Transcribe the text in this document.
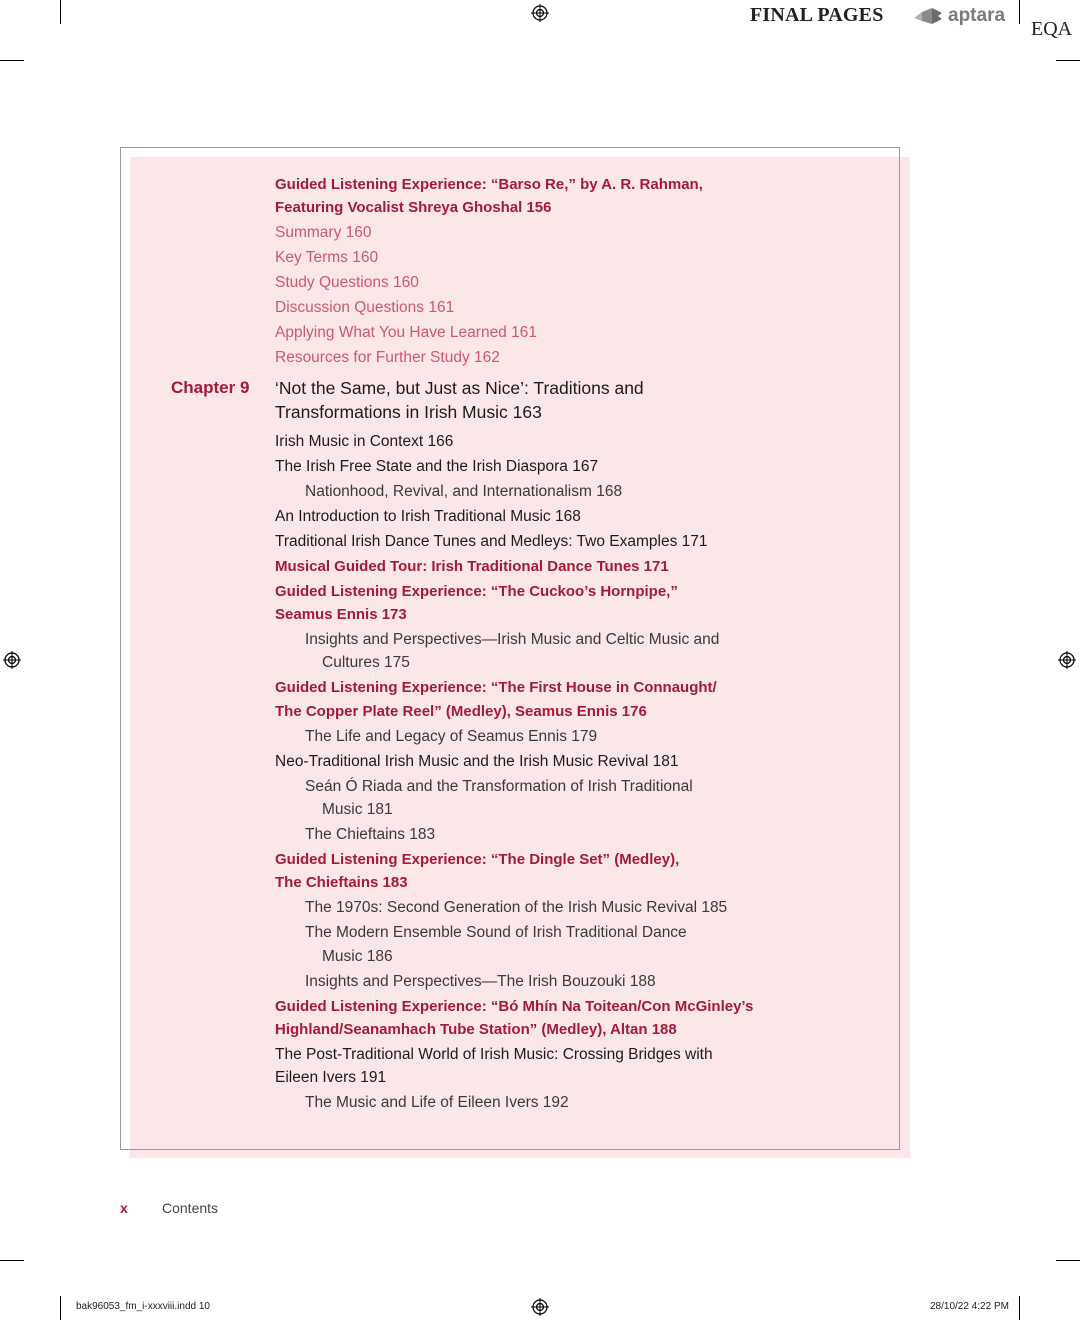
FINAL PAGES	aptara
EQA
Guided Listening Experience: “Barso Re,” by A. R. Rahman,
Featuring Vocalist Shreya Ghoshal 156
Summary 160
Key Terms 160
Study Questions 160
Discussion Questions 161
Applying What You Have Learned 161
Resources for Further Study 162
Chapter 9 ‘Not the Same, but Just as Nice’: Traditions and
Transformations in Irish Music 163
Irish Music in Context 166
The Irish Free State and the Irish Diaspora 167
Nationhood, Revival, and Internationalism 168
An Introduction to Irish Traditional Music 168
Traditional Irish Dance Tunes and Medleys: Two Examples 171
Musical Guided Tour: Irish Traditional Dance Tunes 171
Guided Listening Experience: “The Cuckoo’s Hornpipe,”
Seamus Ennis 173
Insights and Perspectives—Irish Music and Celtic Music and
Cultures 175
Guided Listening Experience: “The First House in Connaught/
The Copper Plate Reel” (Medley), Seamus Ennis 176
The Life and Legacy of Seamus Ennis 179
Neo-Traditional Irish Music and the Irish Music Revival 181
Seán Ó Riada and the Transformation of Irish Traditional
Music 181
The Chieftains 183
Guided Listening Experience: “The Dingle Set” (Medley),
The Chieftains 183
The 1970s: Second Generation of the Irish Music Revival 185
The Modern Ensemble Sound of Irish Traditional Dance
Music 186
Insights and Perspectives—The Irish Bouzouki 188
Guided Listening Experience: “Bó Mhín Na Toitean/Con McGinley’s
Highland/Seanamhach Tube Station” (Medley), Altan 188
The Post-Traditional World of Irish Music: Crossing Bridges with
Eileen Ivers 191
The Music and Life of Eileen Ivers 192
x Contents
bak96053_fm_i-xxxviii.indd 10	28/10/22 4:22 PM
